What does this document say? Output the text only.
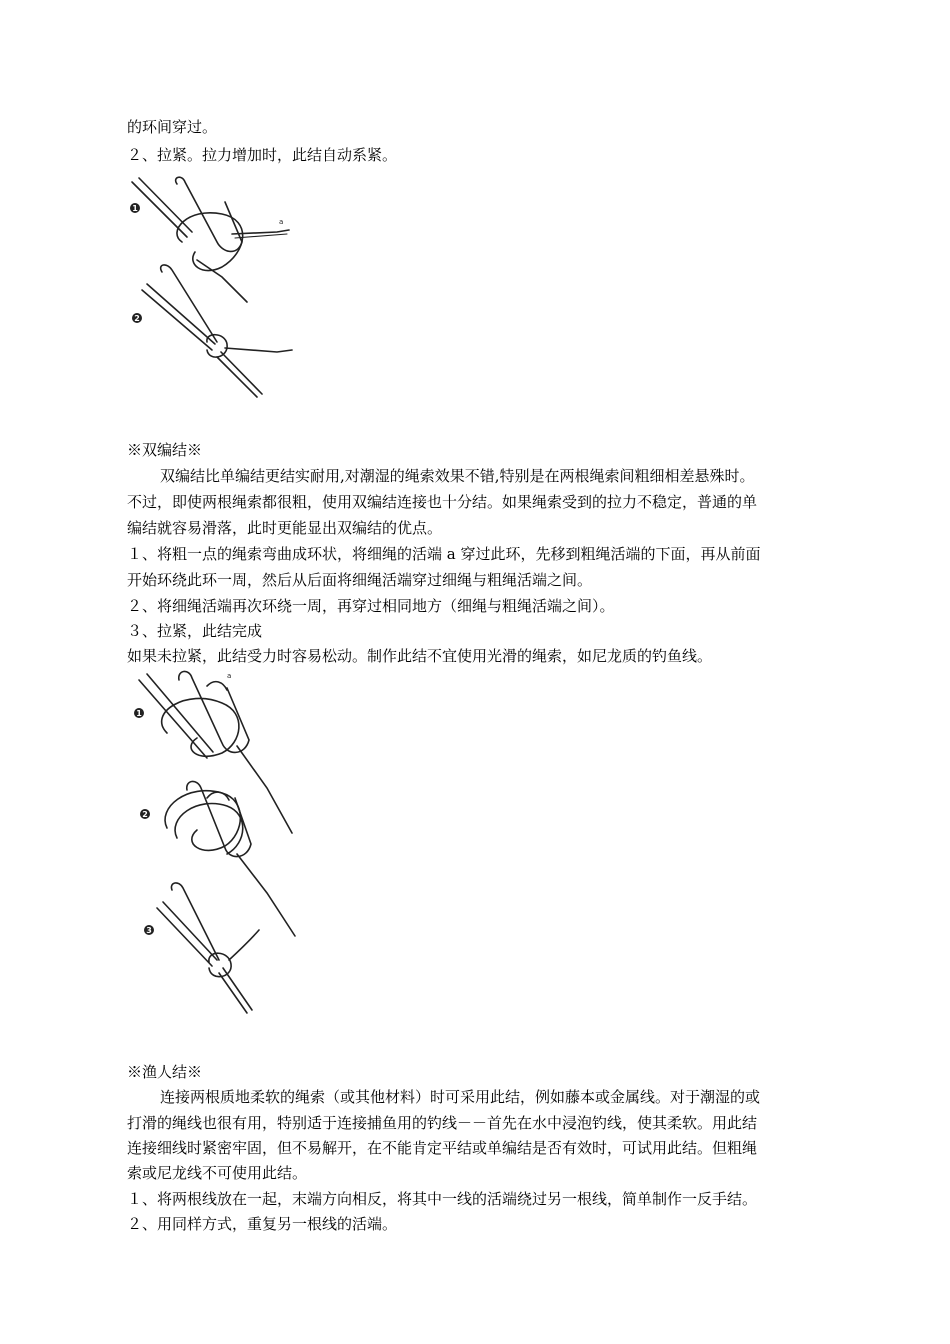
的环间穿过。
２、拉紧。拉力增加时，此结自动系紧。
1
a
2
※双编结※
双编结比单编结更结实耐用,对潮湿的绳索效果不错,特别是在两根绳索间粗细相差悬殊时。
不过，即使两根绳索都很粗，使用双编结连接也十分结。如果绳索受到的拉力不稳定，普通的单
编结就容易滑落，此时更能显出双编结的优点。
１、将粗一点的绳索弯曲成环状，将细绳的活端 a 穿过此环，先移到粗绳活端的下面，再从前面
开始环绕此环一周，然后从后面将细绳活端穿过细绳与粗绳活端之间。
２、将细绳活端再次环绕一周，再穿过相同地方（细绳与粗绳活端之间）。
３、拉紧，此结完成
如果未拉紧，此结受力时容易松动。制作此结不宜使用光滑的绳索，如尼龙质的钓鱼线。
1
a
2
3
※渔人结※
连接两根质地柔软的绳索（或其他材料）时可采用此结，例如藤本或金属线。对于潮湿的或
打滑的绳线也很有用，特别适于连接捕鱼用的钓线－－首先在水中浸泡钓线，使其柔软。用此结
连接细线时紧密牢固，但不易解开，在不能肯定平结或单编结是否有效时，可试用此结。但粗绳
索或尼龙线不可使用此结。
１、将两根线放在一起，末端方向相反，将其中一线的活端绕过另一根线，简单制作一反手结。
２、用同样方式，重复另一根线的活端。
